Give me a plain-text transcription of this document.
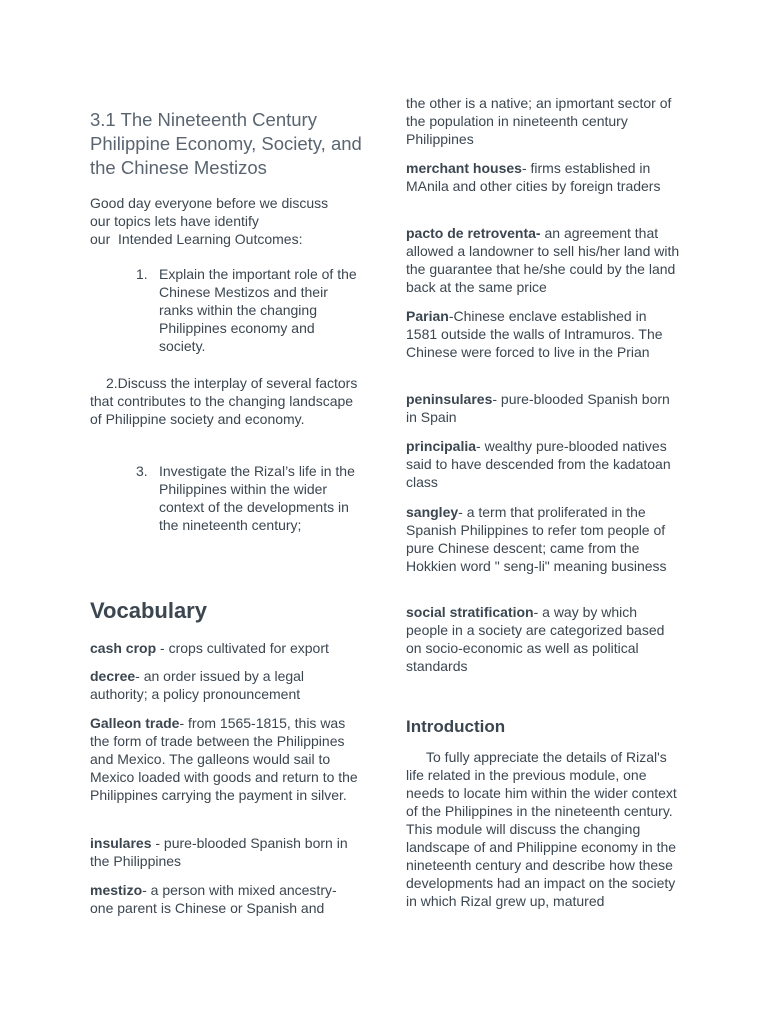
3.1 The Nineteenth Century Philippine Economy, Society, and the Chinese Mestizos

Good day everyone before we discuss

our topics lets have identify

our  Intended Learning Outcomes:

1. Explain the important role of the Chinese Mestizos and their ranks within the changing Philippines economy and society.

2.Discuss the interplay of several factors that contributes to the changing landscape of Philippine society and economy.

3. Investigate the Rizal’s life in the Philippines within the wider context of the developments in the nineteenth century;
Vocabulary

cash crop - crops cultivated for export

decree- an order issued by a legal authority; a policy pronouncement

Galleon trade- from 1565-1815, this was the form of trade between the Philippines and Mexico. The galleons would sail to Mexico loaded with goods and return to the Philippines carrying the payment in silver.

insulares - pure-blooded Spanish born in the Philippines

mestizo- a person with mixed ancestry- one parent is Chinese or Spanish and

the other is a native; an ipmortant sector of the population in nineteenth century Philippines

merchant houses- firms established in MAnila and other cities by foreign traders

pacto de retroventa- an agreement that allowed a landowner to sell his/her land with the guarantee that he/she could by the land back at the same price

Parian-Chinese enclave established in 1581 outside the walls of Intramuros. The Chinese were forced to live in the Prian

peninsulares- pure-blooded Spanish born in Spain

principalia- wealthy pure-blooded natives said to have descended from the kadatoan class

sangley- a term that proliferated in the Spanish Philippines to refer tom people of pure Chinese descent; came from the Hokkien word " seng-li" meaning business

social stratification- a way by which people in a society are categorized based on socio-economic as well as political standards

Introduction

To fully appreciate the details of Rizal's life related in the previous module, one needs to locate him within the wider context of the Philippines in the nineteenth century. This module will discuss the changing landscape of and Philippine economy in the nineteenth century and describe how these developments had an impact on the society in which Rizal grew up, matured
